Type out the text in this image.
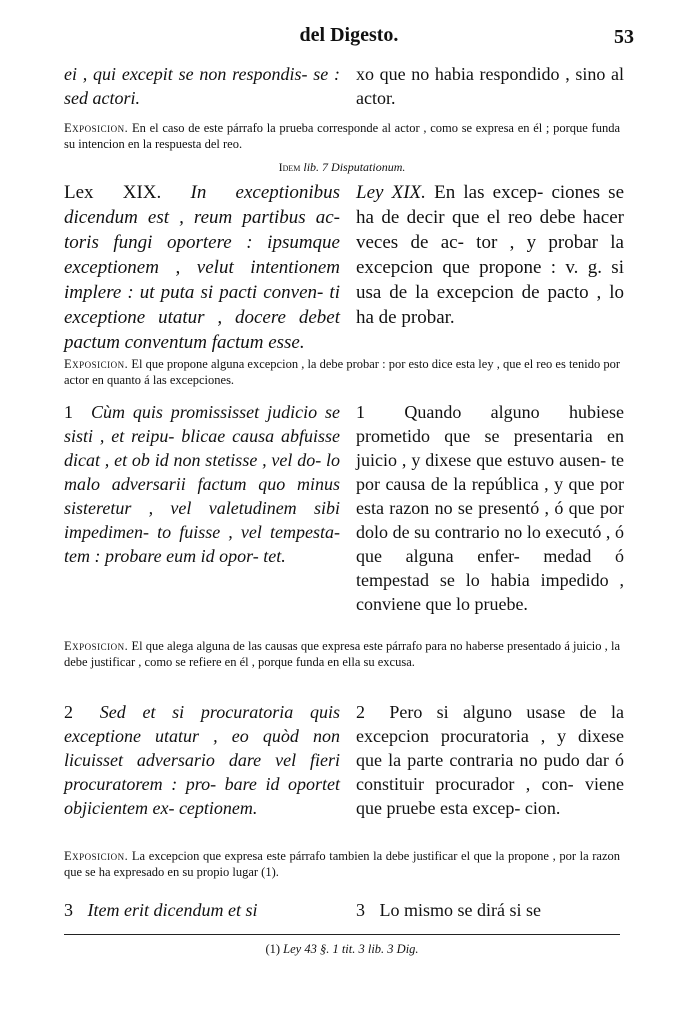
del Digesto.	53

ei , qui excepit se non respondis- se : sed actori.

xo que no habia respondido , sino al actor.

Exposicion. En el caso de este párrafo la prueba corresponde al actor , como se expresa en él ; porque funda su intencion en la respuesta del reo.

Idem lib. 7 Disputationum.

Lex XIX. In exceptionibus dicendum est , reum partibus ac- toris fungi oportere : ipsumque exceptionem , velut intentionem implere : ut puta si pacti conven- ti exceptione utatur , docere debet pactum conventum factum esse.

Ley XIX. En las excep- ciones se ha de decir que el reo debe hacer veces de ac- tor , y probar la excepcion que propone : v. g. si usa de la excepcion de pacto , lo ha de probar.

Exposicion. El que propone alguna excepcion , la debe probar : por esto dice esta ley , que el reo es tenido por actor en quanto á las excepciones.

1 Cùm quis promississet judicio se sisti , et reipu- blicae causa abfuisse dicat , et ob id non stetisse , vel do- lo malo adversarii factum quo minus sisteretur , vel valetudinem sibi impedimen- to fuisse , vel tempesta- tem : probare eum id opor- tet.

1 Quando alguno hubiese prometido que se presentaria en juicio , y dixese que estuvo ausen- te por causa de la república , y que por esta razon no se presentó , ó que por dolo de su contrario no lo executó , ó que alguna enfer- medad ó tempestad se lo habia impedido , conviene que lo pruebe.

Exposicion. El que alega alguna de las causas que expresa este párrafo para no haberse presentado á juicio , la debe justificar , como se refiere en él , porque funda en ella su excusa.

2 Sed et si procuratoria quis exceptione utatur , eo quòd non licuisset adversario dare vel fieri procuratorem : pro- bare id oportet objicientem ex- ceptionem.

2 Pero si alguno usase de la excepcion procuratoria , y dixese que la parte contraria no pudo dar ó constituir procurador , con- viene que pruebe esta excep- cion.

Exposicion. La excepcion que expresa este párrafo tambien la debe justificar el que la propone , por la razon que se ha expresado en su propio lugar (1).

3 Item erit dicendum et si	3 Lo mismo se dirá si se

(1) Ley 43 §. 1 tit. 3 lib. 3 Dig.
